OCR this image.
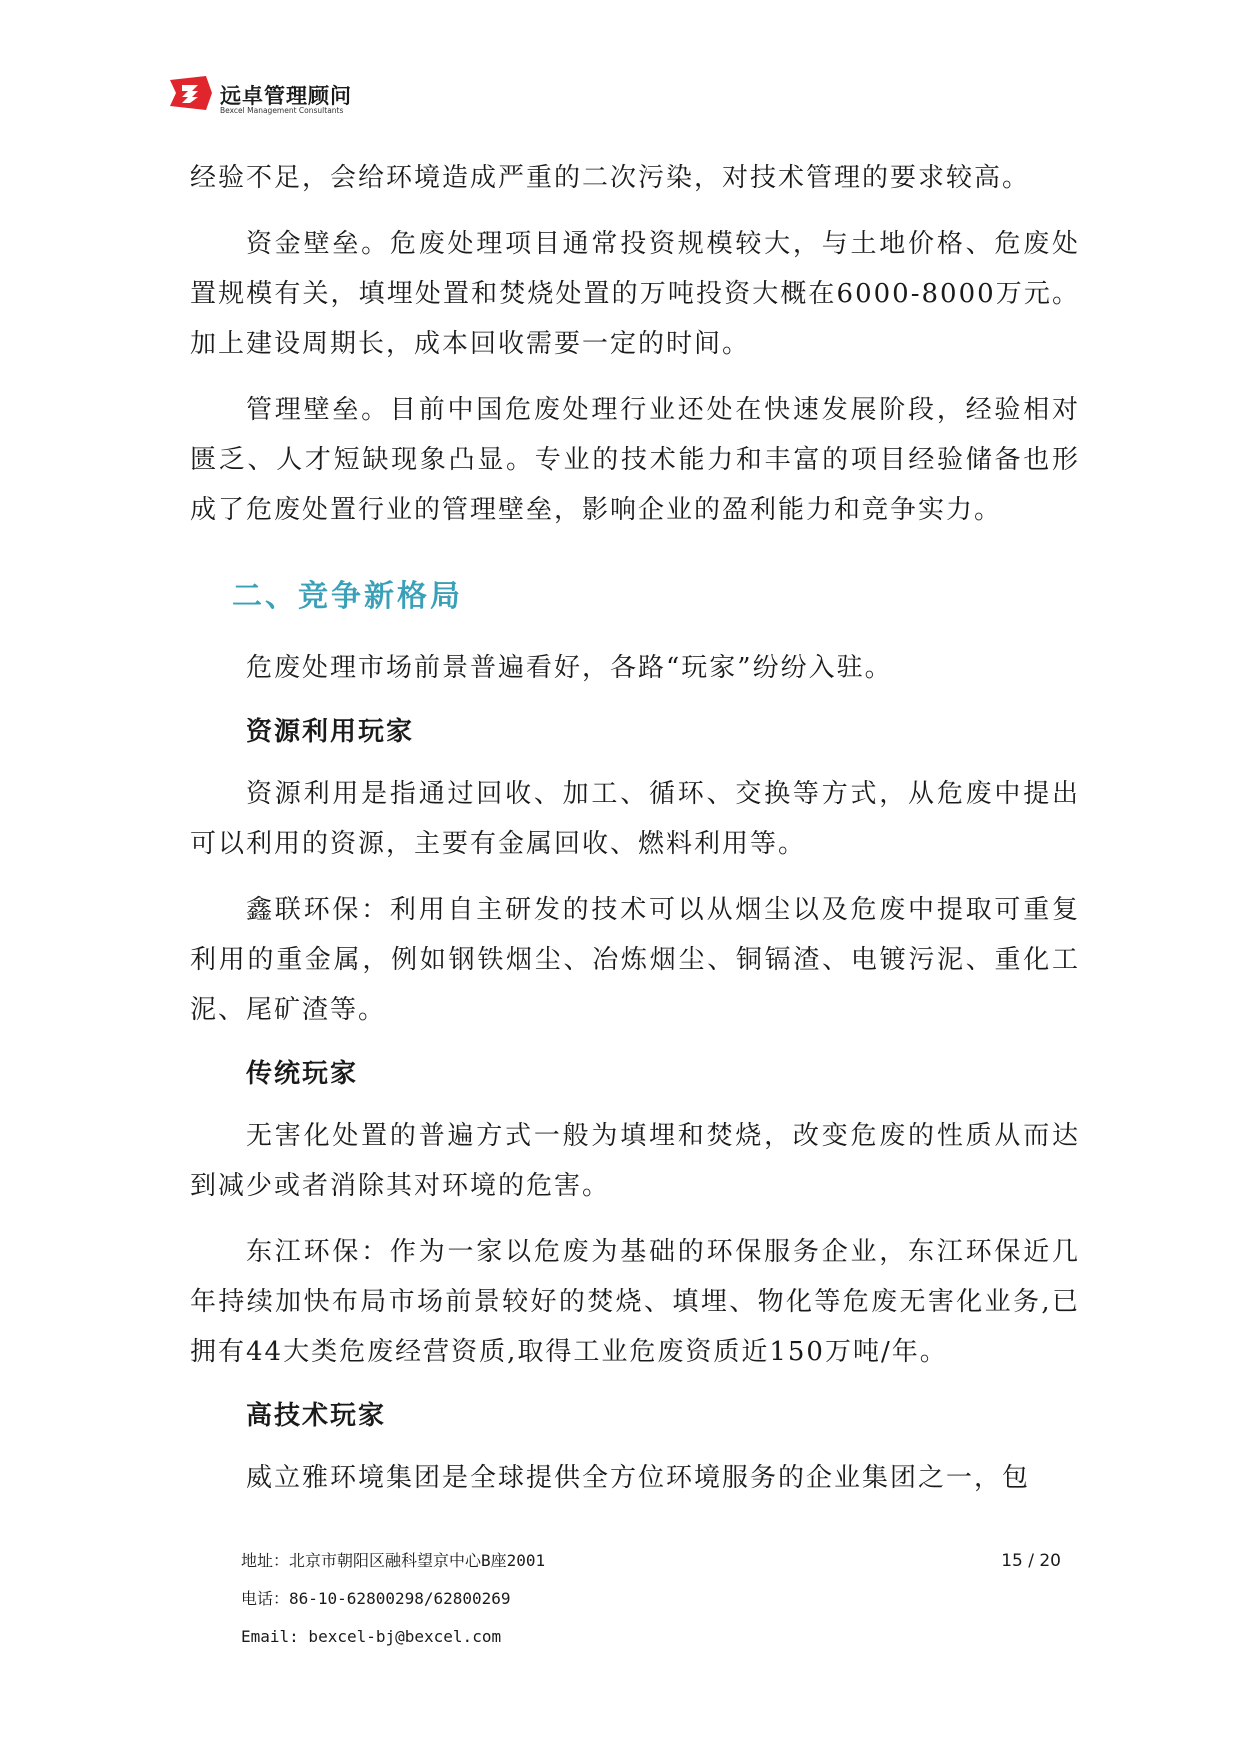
远卓管理顾问
Bexcel Management Consultants

经验不足，会给环境造成严重的二次污染，对技术管理的要求较高。

资金壁垒。危废处理项目通常投资规模较大，与土地价格、危废处置规模有关，填埋处置和焚烧处置的万吨投资大概在6000-8000万元。加上建设周期长，成本回收需要一定的时间。

管理壁垒。目前中国危废处理行业还处在快速发展阶段，经验相对匮乏、人才短缺现象凸显。专业的技术能力和丰富的项目经验储备也形成了危废处置行业的管理壁垒，影响企业的盈利能力和竞争实力。

二、竞争新格局

危废处理市场前景普遍看好，各路“玩家”纷纷入驻。

资源利用玩家

资源利用是指通过回收、加工、循环、交换等方式，从危废中提出可以利用的资源，主要有金属回收、燃料利用等。

鑫联环保：利用自主研发的技术可以从烟尘以及危废中提取可重复利用的重金属，例如钢铁烟尘、冶炼烟尘、铜镉渣、电镀污泥、重化工泥、尾矿渣等。

传统玩家

无害化处置的普遍方式一般为填埋和焚烧，改变危废的性质从而达到减少或者消除其对环境的危害。

东江环保：作为一家以危废为基础的环保服务企业，东江环保近几年持续加快布局市场前景较好的焚烧、填埋、物化等危废无害化业务,已拥有44大类危废经营资质,取得工业危废资质近150万吨/年。

高技术玩家

威立雅环境集团是全球提供全方位环境服务的企业集团之一，包

地址：北京市朝阳区融科望京中心B座2001
电话：86-10-62800298/62800269
Email: bexcel-bj@bexcel.com
15 / 20
